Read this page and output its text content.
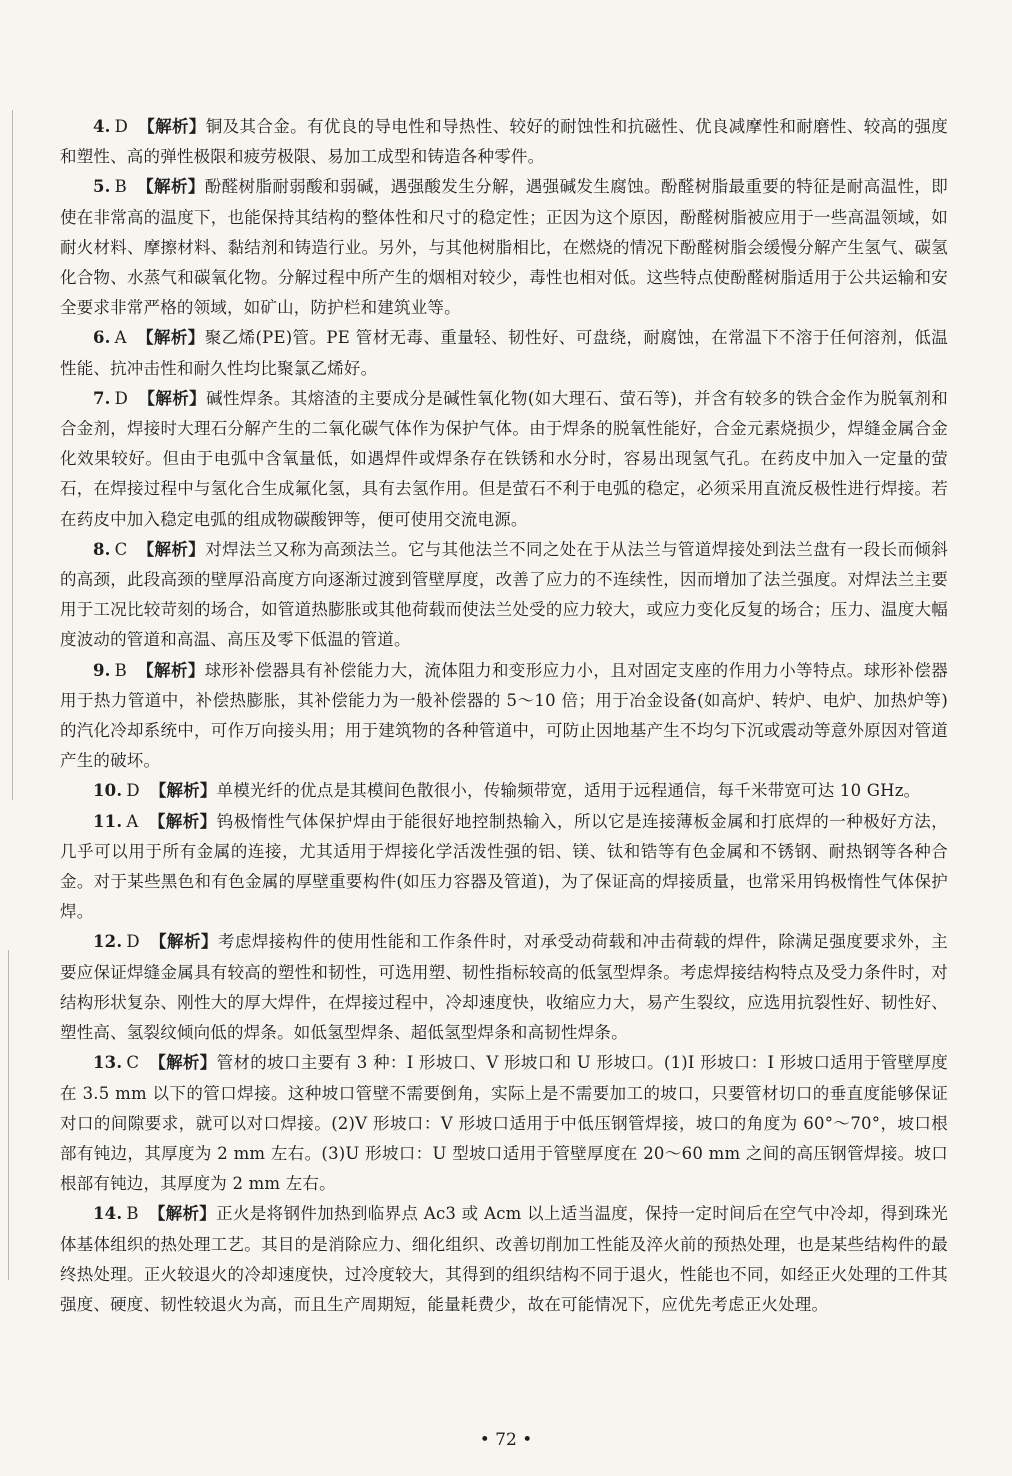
4. D 【解析】铜及其合金。有优良的导电性和导热性、较好的耐蚀性和抗磁性、优良减摩性和耐磨性、较高的强度和塑性、高的弹性极限和疲劳极限、易加工成型和铸造各种零件。

5. B 【解析】酚醛树脂耐弱酸和弱碱，遇强酸发生分解，遇强碱发生腐蚀。酚醛树脂最重要的特征是耐高温性，即使在非常高的温度下，也能保持其结构的整体性和尺寸的稳定性；正因为这个原因，酚醛树脂被应用于一些高温领域，如耐火材料、摩擦材料、黏结剂和铸造行业。另外，与其他树脂相比，在燃烧的情况下酚醛树脂会缓慢分解产生氢气、碳氢化合物、水蒸气和碳氧化物。分解过程中所产生的烟相对较少，毒性也相对低。这些特点使酚醛树脂适用于公共运输和安全要求非常严格的领域，如矿山，防护栏和建筑业等。

6. A 【解析】聚乙烯(PE)管。PE 管材无毒、重量轻、韧性好、可盘绕，耐腐蚀，在常温下不溶于任何溶剂，低温性能、抗冲击性和耐久性均比聚氯乙烯好。

7. D 【解析】碱性焊条。其熔渣的主要成分是碱性氧化物(如大理石、萤石等)，并含有较多的铁合金作为脱氧剂和合金剂，焊接时大理石分解产生的二氧化碳气体作为保护气体。由于焊条的脱氧性能好，合金元素烧损少，焊缝金属合金化效果较好。但由于电弧中含氧量低，如遇焊件或焊条存在铁锈和水分时，容易出现氢气孔。在药皮中加入一定量的萤石，在焊接过程中与氢化合生成氟化氢，具有去氢作用。但是萤石不利于电弧的稳定，必须采用直流反极性进行焊接。若在药皮中加入稳定电弧的组成物碳酸钾等，便可使用交流电源。

8. C 【解析】对焊法兰又称为高颈法兰。它与其他法兰不同之处在于从法兰与管道焊接处到法兰盘有一段长而倾斜的高颈，此段高颈的壁厚沿高度方向逐渐过渡到管壁厚度，改善了应力的不连续性，因而增加了法兰强度。对焊法兰主要用于工况比较苛刻的场合，如管道热膨胀或其他荷载而使法兰处受的应力较大，或应力变化反复的场合；压力、温度大幅度波动的管道和高温、高压及零下低温的管道。

9. B 【解析】球形补偿器具有补偿能力大，流体阻力和变形应力小，且对固定支座的作用力小等特点。球形补偿器用于热力管道中，补偿热膨胀，其补偿能力为一般补偿器的 5～10 倍；用于冶金设备(如高炉、转炉、电炉、加热炉等)的汽化冷却系统中，可作万向接头用；用于建筑物的各种管道中，可防止因地基产生不均匀下沉或震动等意外原因对管道产生的破坏。

10. D 【解析】单模光纤的优点是其模间色散很小，传输频带宽，适用于远程通信，每千米带宽可达 10 GHz。

11. A 【解析】钨极惰性气体保护焊由于能很好地控制热输入，所以它是连接薄板金属和打底焊的一种极好方法，几乎可以用于所有金属的连接，尤其适用于焊接化学活泼性强的铝、镁、钛和锆等有色金属和不锈钢、耐热钢等各种合金。对于某些黑色和有色金属的厚壁重要构件(如压力容器及管道)，为了保证高的焊接质量，也常采用钨极惰性气体保护焊。

12. D 【解析】考虑焊接构件的使用性能和工作条件时，对承受动荷载和冲击荷载的焊件，除满足强度要求外，主要应保证焊缝金属具有较高的塑性和韧性，可选用塑、韧性指标较高的低氢型焊条。考虑焊接结构特点及受力条件时，对结构形状复杂、刚性大的厚大焊件，在焊接过程中，冷却速度快，收缩应力大，易产生裂纹，应选用抗裂性好、韧性好、塑性高、氢裂纹倾向低的焊条。如低氢型焊条、超低氢型焊条和高韧性焊条。

13. C 【解析】管材的坡口主要有 3 种：I 形坡口、V 形坡口和 U 形坡口。(1)I 形坡口：I 形坡口适用于管壁厚度在 3.5 mm 以下的管口焊接。这种坡口管壁不需要倒角，实际上是不需要加工的坡口，只要管材切口的垂直度能够保证对口的间隙要求，就可以对口焊接。(2)V 形坡口：V 形坡口适用于中低压钢管焊接，坡口的角度为 60°～70°，坡口根部有钝边，其厚度为 2 mm 左右。(3)U 形坡口：U 型坡口适用于管壁厚度在 20～60 mm 之间的高压钢管焊接。坡口根部有钝边，其厚度为 2 mm 左右。

14. B 【解析】正火是将钢件加热到临界点 Ac3 或 Acm 以上适当温度，保持一定时间后在空气中冷却，得到珠光体基体组织的热处理工艺。其目的是消除应力、细化组织、改善切削加工性能及淬火前的预热处理，也是某些结构件的最终热处理。正火较退火的冷却速度快，过冷度较大，其得到的组织结构不同于退火，性能也不同，如经正火处理的工件其强度、硬度、韧性较退火为高，而且生产周期短，能量耗费少，故在可能情况下，应优先考虑正火处理。

• 72 •
